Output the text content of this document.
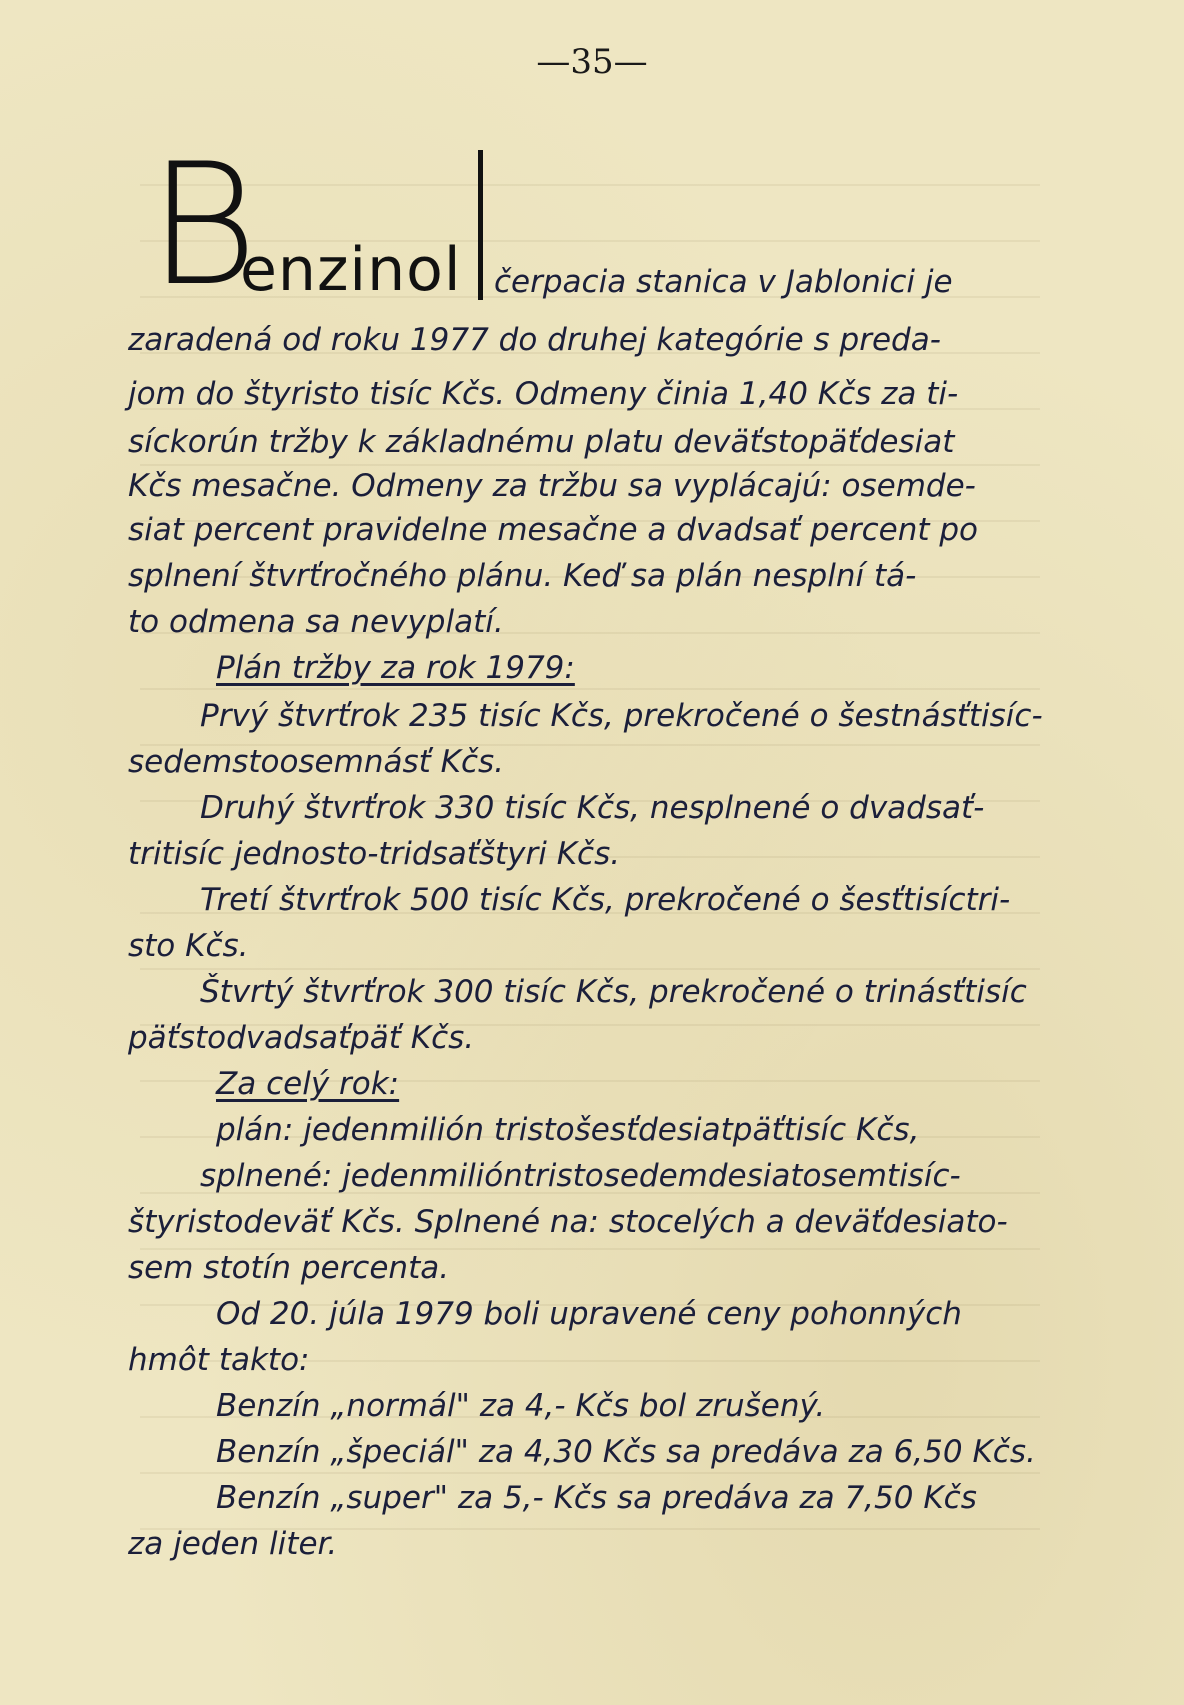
—35—
B
enzinol čerpacia stanica v Jablonici je
zaradená od roku 1977 do druhej kategórie s preda-
jom do štyristo tisíc Kčs. Odmeny činia 1,40 Kčs za ti-
síckorún tržby k základnému platu deväťstopäťdesiat
Kčs mesačne. Odmeny za tržbu sa vyplácajú: osemde-
siat percent pravidelne mesačne a dvadsať percent po
splnení štvrťročného plánu. Keď sa plán nesplní tá-
to odmena sa nevyplatí.
Plán tržby za rok 1979:
Prvý štvrťrok 235 tisíc Kčs, prekročené o šestnásťtisíc-
sedemstoosemnásť Kčs.
Druhý štvrťrok 330 tisíc Kčs, nesplnené o dvadsať-
tritisíc jednosto-tridsaťštyri Kčs.
Tretí štvrťrok 500 tisíc Kčs, prekročené o šesťtisíctri-
sto Kčs.
Štvrtý štvrťrok 300 tisíc Kčs, prekročené o trinásťtisíc
päťstodvadsaťpäť Kčs.
Za celý rok:
plán: jedenmilión tristošesťdesiatpäťtisíc Kčs,
splnené: jedenmilióntristosedemdesiatosemtisíc-
štyristodeväť Kčs. Splnené na: stocelých a deväťdesiato-
sem stotín percenta.
Od 20. júla 1979 boli upravené ceny pohonných
hmôt takto:
Benzín „normál" za 4,- Kčs bol zrušený.
Benzín „špeciál" za 4,30 Kčs sa predáva za 6,50 Kčs.
Benzín „super" za 5,- Kčs sa predáva za 7,50 Kčs
za jeden liter.
